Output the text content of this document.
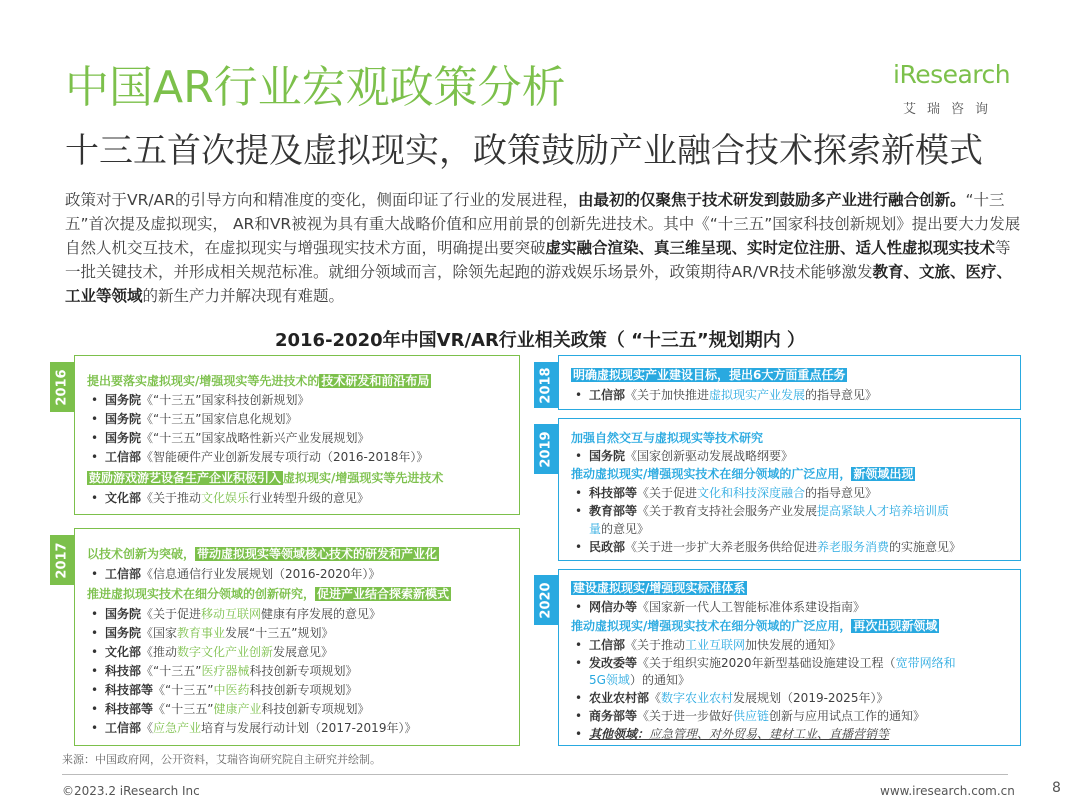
中国AR行业宏观政策分析
十三五首次提及虚拟现实，政策鼓励产业融合技术探索新模式
iResearch
艾瑞咨询
政策对于VR/AR的引导方向和精准度的变化，侧面印证了行业的发展进程，由最初的仅聚焦于技术研发到鼓励多产业进行融合创新。“十三五”首次提及虚拟现实， AR和VR被视为具有重大战略价值和应用前景的创新先进技术。其中《“十三五”国家科技创新规划》提出要大力发展自然人机交互技术，在虚拟现实与增强现实技术方面，明确提出要突破虚实融合渲染、真三维呈现、实时定位注册、适人性虚拟现实技术等一批关键技术，并形成相关规范标准。就细分领域而言，除领先起跑的游戏娱乐场景外，政策期待AR/VR技术能够激发教育、文旅、医疗、工业等领域的新生产力并解决现有难题。
2016-2020年中国VR/AR行业相关政策（ “十三五”规划期内 ）
2016 提出要落实虚拟现实/增强现实等先进技术的 技术研发和前沿布局
• 国务院《“十三五”国家科技创新规划》
• 国务院《“十三五”国家信息化规划》
• 国务院《“十三五”国家战略性新兴产业发展规划》
• 工信部《智能硬件产业创新发展专项行动（2016-2018年）》
鼓励游戏游艺设备生产企业积极引入 虚拟现实/增强现实等先进技术
• 文化部《关于推动文化娱乐行业转型升级的意见》
2017 以技术创新为突破， 带动虚拟现实等领域核心技术的研发和产业化
• 工信部《信息通信行业发展规划（2016-2020年）》
推进虚拟现实技术在细分领域的创新研究， 促进产业结合探索新模式
• 国务院《关于促进移动互联网健康有序发展的意见》
• 国务院《国家教育事业发展“十三五”规划》
• 文化部《推动数字文化产业创新发展意见》
• 科技部《“十三五”医疗器械科技创新专项规划》
• 科技部等《“十三五”中医药科技创新专项规划》
• 科技部等《“十三五”健康产业科技创新专项规划》
• 工信部《应急产业培育与发展行动计划（2017-2019年）》
2018 明确虚拟现实产业建设目标，提出6大方面重点任务
• 工信部《关于加快推进虚拟现实产业发展的指导意见》
2019 加强自然交互与虚拟现实等技术研究
• 国务院《国家创新驱动发展战略纲要》
推动虚拟现实/增强现实技术在细分领域的广泛应用， 新领域出现
• 科技部等《关于促进文化和科技深度融合的指导意见》
• 教育部等《关于教育支持社会服务产业发展提高紧缺人才培养培训质
量的意见》
• 民政部《关于进一步扩大养老服务供给促进养老服务消费的实施意见》
2020 建设虚拟现实/增强现实标准体系
• 网信办等《国家新一代人工智能标准体系建设指南》
推动虚拟现实/增强现实技术在细分领域的广泛应用， 再次出现新领域
• 工信部《关于推动工业互联网加快发展的通知》
• 发改委等《关于组织实施2020年新型基础设施建设工程（宽带网络和
5G领域）的通知》
• 农业农村部《数字农业农村发展规划（2019-2025年）》
• 商务部等《关于进一步做好供应链创新与应用试点工作的通知》
• 其他领域：应急管理、对外贸易、建材工业、直播营销等
来源：中国政府网，公开资料，艾瑞咨询研究院自主研究并绘制。
©2023.2 iResearch Inc	www.iresearch.com.cn	8
